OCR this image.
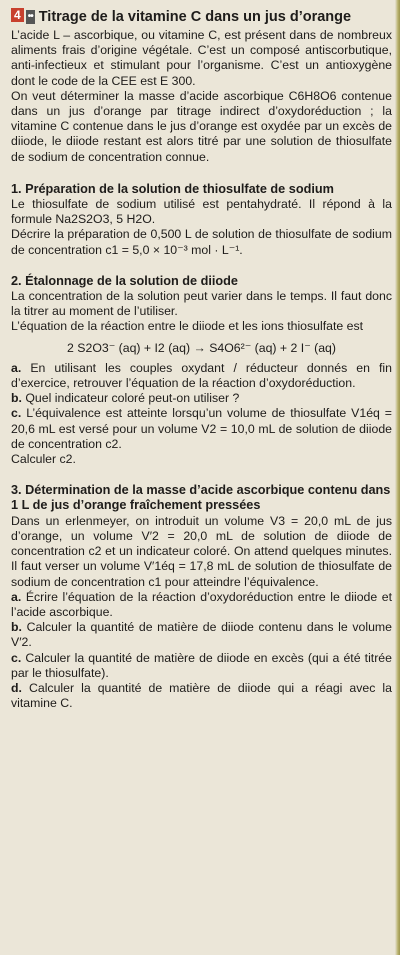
4 •• Titrage de la vitamine C dans un jus d’orange

L’acide L – ascorbique, ou vitamine C, est présent dans de nombreux aliments frais d’origine végétale. C’est un composé antiscorbutique, anti-infectieux et stimulant pour l’organisme. C’est un antioxygène dont le code de la CEE est E 300.

On veut déterminer la masse d’acide ascorbique C6H8O6 contenue dans un jus d’orange par titrage indirect d’oxydoréduction ; la vitamine C contenue dans le jus d’orange est oxydée par un excès de diiode, le diiode restant est alors titré par une solution de thiosulfate de sodium de concentration connue.

1. Préparation de la solution de thiosulfate de sodium

Le thiosulfate de sodium utilisé est pentahydraté. Il répond à la formule Na2S2O3, 5 H2O.

Décrire la préparation de 0,500 L de solution de thiosulfate de sodium de concentration c1 = 5,0 × 10⁻³ mol · L⁻¹.

2. Étalonnage de la solution de diiode

La concentration de la solution peut varier dans le temps. Il faut donc la titrer au moment de l’utiliser.

L’équation de la réaction entre le diiode et les ions thiosulfate est

2 S2O3⁻ (aq) + I2 (aq) → S4O6²⁻ (aq) + 2 I⁻ (aq)

a. En utilisant les couples oxydant / réducteur donnés en fin d’exercice, retrouver l’équation de la réaction d’oxydoréduction.

b. Quel indicateur coloré peut-on utiliser ?

c. L’équivalence est atteinte lorsqu’un volume de thiosulfate V1éq = 20,6 mL est versé pour un volume V2 = 10,0 mL de solution de diiode de concentration c2.

Calculer c2.

3. Détermination de la masse d’acide ascorbique contenu dans 1 L de jus d’orange fraîchement pressées

Dans un erlenmeyer, on introduit un volume V3 = 20,0 mL de jus d’orange, un volume V′2 = 20,0 mL de solution de diiode de concentration c2 et un indicateur coloré. On attend quelques minutes. Il faut verser un volume V′1éq = 17,8 mL de solution de thiosulfate de sodium de concentration c1 pour atteindre l’équivalence.

a. Écrire l’équation de la réaction d’oxydoréduction entre le diiode et l’acide ascorbique.

b. Calculer la quantité de matière de diiode contenu dans le volume V′2.

c. Calculer la quantité de matière de diiode en excès (qui a été titrée par le thiosulfate).

d. Calculer la quantité de matière de diiode qui a réagi avec la vitamine C.
